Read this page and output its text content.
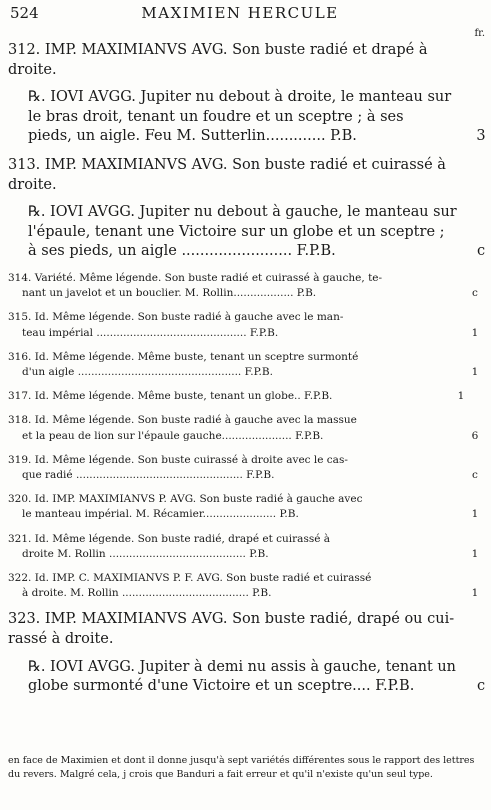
524	MAXIMIEN HERCULE
fr.
312. IMP. MAXIMIANVS AVG. Son buste radié et drapé à
droite.
℞. IOVI AVGG. Jupiter nu debout à droite, le manteau sur
le bras droit, tenant un foudre et un sceptre ; à ses
pieds, un aigle. Feu M. Sutterlin............. P.B.	3
313. IMP. MAXIMIANVS AVG. Son buste radié et cuirassé à
droite.
℞. IOVI AVGG. Jupiter nu debout à gauche, le manteau sur
l'épaule, tenant une Victoire sur un globe et un sceptre ;
à ses pieds, un aigle ........................ F.P.B.	c
314. Variété. Même légende. Son buste radié et cuirassé à gauche, te-
nant un javelot et un bouclier. M. Rollin.................. P.B.	c
315. Id. Même légende. Son buste radié à gauche avec le man-
teau impérial ............................................. F.P.B.	1
316. Id. Même légende. Même buste, tenant un sceptre surmonté
d'un aigle ................................................. F.P.B.	1
317. Id. Même légende. Même buste, tenant un globe.. F.P.B.	1
318. Id. Même légende. Son buste radié à gauche avec la massue
et la peau de lion sur l'épaule gauche..................... F.P.B.	6
319. Id. Même légende. Son buste cuirassé à droite avec le cas-
que radié .................................................. F.P.B.	c
320. Id. IMP. MAXIMIANVS P. AVG. Son buste radié à gauche avec
le manteau impérial. M. Récamier...................... P.B.	1
321. Id. Même légende. Son buste radié, drapé et cuirassé à
droite M. Rollin ......................................... P.B.	1
322. Id. IMP. C. MAXIMIANVS P. F. AVG. Son buste radié et cuirassé
à droite. M. Rollin ...................................... P.B.	1
323. IMP. MAXIMIANVS AVG. Son buste radié, drapé ou cui-
rassé à droite.
℞. IOVI AVGG. Jupiter à demi nu assis à gauche, tenant un
globe surmonté d'une Victoire et un sceptre.... F.P.B.	c
en face de Maximien et dont il donne jusqu'à sept variétés différentes sous le rapport des lettres du revers. Malgré cela, j crois que Banduri a fait erreur et qu'il n'existe qu'un seul type.
